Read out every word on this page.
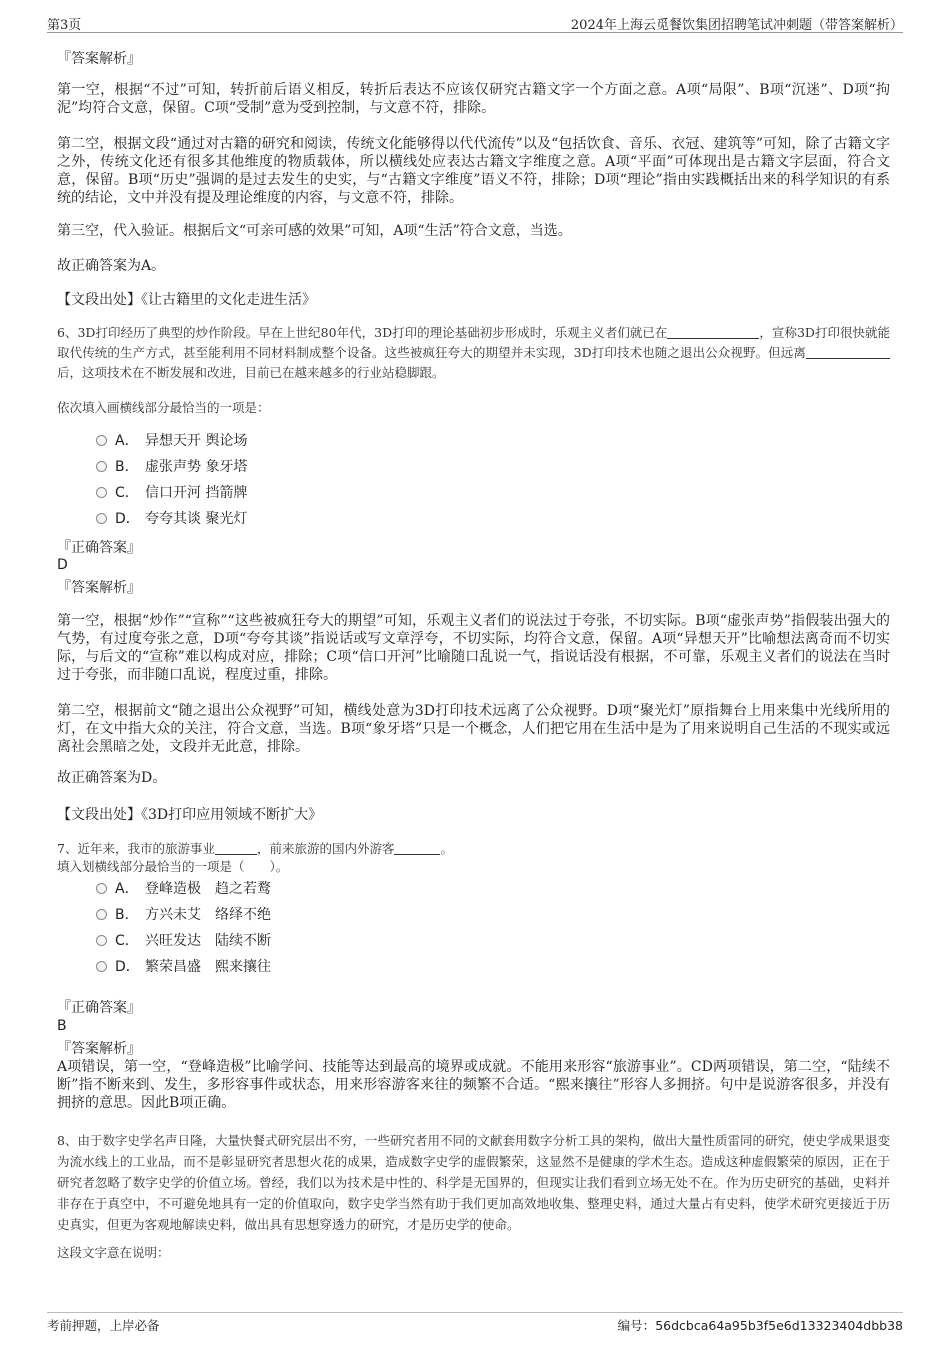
第3页	2024年上海云觅餐饮集团招聘笔试冲刺题（带答案解析）
『答案解析』

第一空，根据“不过”可知，转折前后语义相反，转折后表达不应该仅研究古籍文字一个方面之意。A项“局限”、B项“沉迷”、D项“拘泥”均符合文意，保留。C项“受制”意为受到控制，与文意不符，排除。

第二空，根据文段“通过对古籍的研究和阅读，传统文化能够得以代代流传”以及“包括饮食、音乐、衣冠、建筑等”可知，除了古籍文字之外，传统文化还有很多其他维度的物质载体，所以横线处应表达古籍文字维度之意。A项“平面”可体现出是古籍文字层面，符合文意，保留。B项“历史”强调的是过去发生的史实，与“古籍文字维度”语义不符，排除；D项“理论”指由实践概括出来的科学知识的有系统的结论，文中并没有提及理论维度的内容，与文意不符，排除。

第三空，代入验证。根据后文“可亲可感的效果”可知，A项“生活”符合文意，当选。

故正确答案为A。
【文段出处】《让古籍里的文化走进生活》
6、3D打印经历了典型的炒作阶段。早在上世纪80年代，3D打印的理论基础初步形成时，乐观主义者们就已在	，宣称3D打印很快就能取代传统的生产方式，甚至能利用不同材料制成整个设备。这些被疯狂夸大的期望并未实现，3D打印技术也随之退出公众视野。但远离后，这项技术在不断发展和改进，目前已在越来越多的行业站稳脚跟。
依次填入画横线部分最恰当的一项是：
A． 异想天开 舆论场
B． 虚张声势 象牙塔
C． 信口开河 挡箭牌
D． 夸夸其谈 聚光灯
『正确答案』
D
『答案解析』

第一空，根据“炒作”“宣称”“这些被疯狂夸大的期望”可知，乐观主义者们的说法过于夸张，不切实际。B项“虚张声势”指假装出强大的气势，有过度夸张之意，D项“夸夸其谈”指说话或写文章浮夸，不切实际，均符合文意，保留。A项“异想天开”比喻想法离奇而不切实际，与后文的“宣称”难以构成对应，排除；C项“信口开河”比喻随口乱说一气，指说话没有根据，不可靠，乐观主义者们的说法在当时过于夸张，而非随口乱说，程度过重，排除。

第二空，根据前文“随之退出公众视野”可知，横线处意为3D打印技术远离了公众视野。D项“聚光灯”原指舞台上用来集中光线所用的灯，在文中指大众的关注，符合文意，当选。B项“象牙塔”只是一个概念，人们把它用在生活中是为了用来说明自己生活的不现实或远离社会黑暗之处，文段并无此意，排除。

故正确答案为D。
【文段出处】《3D打印应用领域不断扩大》
7、近年来，我市的旅游事业	，前来旅游的国内外游客	。
填入划横线部分最恰当的一项是（　　）。
A． 登峰造极　趋之若鹜
B． 方兴未艾　络绎不绝
C． 兴旺发达　陆续不断
D． 繁荣昌盛　熙来攘往
『正确答案』
B
『答案解析』

A项错误，第一空，“登峰造极”比喻学问、技能等达到最高的境界或成就。不能用来形容“旅游事业”。CD两项错误，第二空，“陆续不断”指不断来到、发生，多形容事件或状态，用来形容游客来往的频繁不合适。“熙来攘往”形容人多拥挤。句中是说游客很多，并没有拥挤的意思。因此B项正确。

8、由于数字史学名声日隆，大量快餐式研究层出不穷，一些研究者用不同的文献套用数字分析工具的架构，做出大量性质雷同的研究，使史学成果退变为流水线上的工业品，而不是彰显研究者思想火花的成果，造成数字史学的虚假繁荣，这显然不是健康的学术生态。造成这种虚假繁荣的原因，正在于研究者忽略了数字史学的价值立场。曾经，我们以为技术是中性的、科学是无国界的，但现实让我们看到立场无处不在。作为历史研究的基础，史料并非存在于真空中，不可避免地具有一定的价值取向，数字史学当然有助于我们更加高效地收集、整理史料，通过大量占有史料，使学术研究更接近于历史真实，但更为客观地解读史料，做出具有思想穿透力的研究，才是历史学的使命。

这段文字意在说明：
考前押题，上岸必备	编号：56dcbca64a95b3f5e6d13323404dbb38
